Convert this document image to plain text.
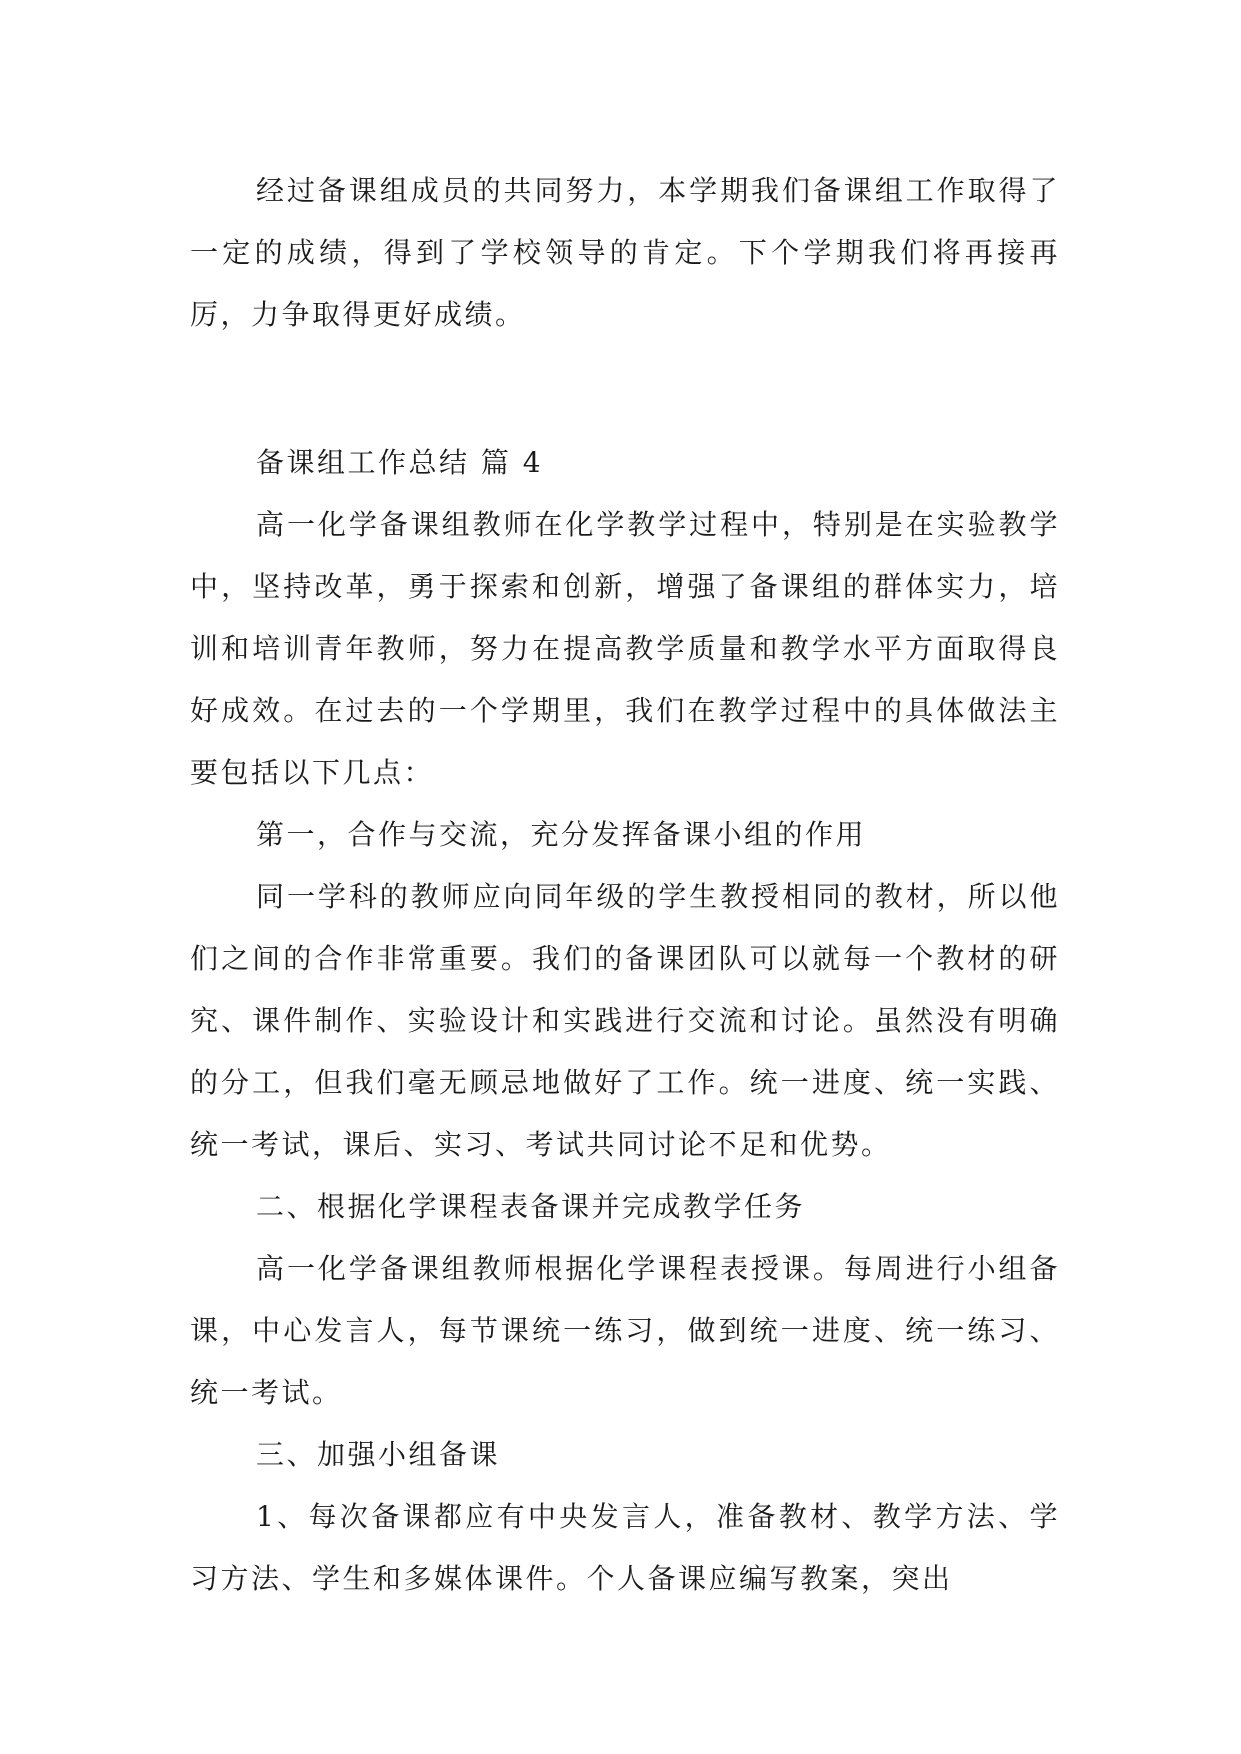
经过备课组成员的共同努力，本学期我们备课组工作取得了一定的成绩，得到了学校领导的肯定。下个学期我们将再接再厉，力争取得更好成绩。

备课组工作总结 篇 4

高一化学备课组教师在化学教学过程中，特别是在实验教学中，坚持改革，勇于探索和创新，增强了备课组的群体实力，培训和培训青年教师，努力在提高教学质量和教学水平方面取得良好成效。在过去的一个学期里，我们在教学过程中的具体做法主要包括以下几点：

第一，合作与交流，充分发挥备课小组的作用

同一学科的教师应向同年级的学生教授相同的教材，所以他们之间的合作非常重要。我们的备课团队可以就每一个教材的研究、课件制作、实验设计和实践进行交流和讨论。虽然没有明确的分工，但我们毫无顾忌地做好了工作。统一进度、统一实践、统一考试，课后、实习、考试共同讨论不足和优势。

二、根据化学课程表备课并完成教学任务

高一化学备课组教师根据化学课程表授课。每周进行小组备课，中心发言人，每节课统一练习，做到统一进度、统一练习、统一考试。

三、加强小组备课

1、每次备课都应有中央发言人，准备教材、教学方法、学习方法、学生和多媒体课件。个人备课应编写教案，突出
